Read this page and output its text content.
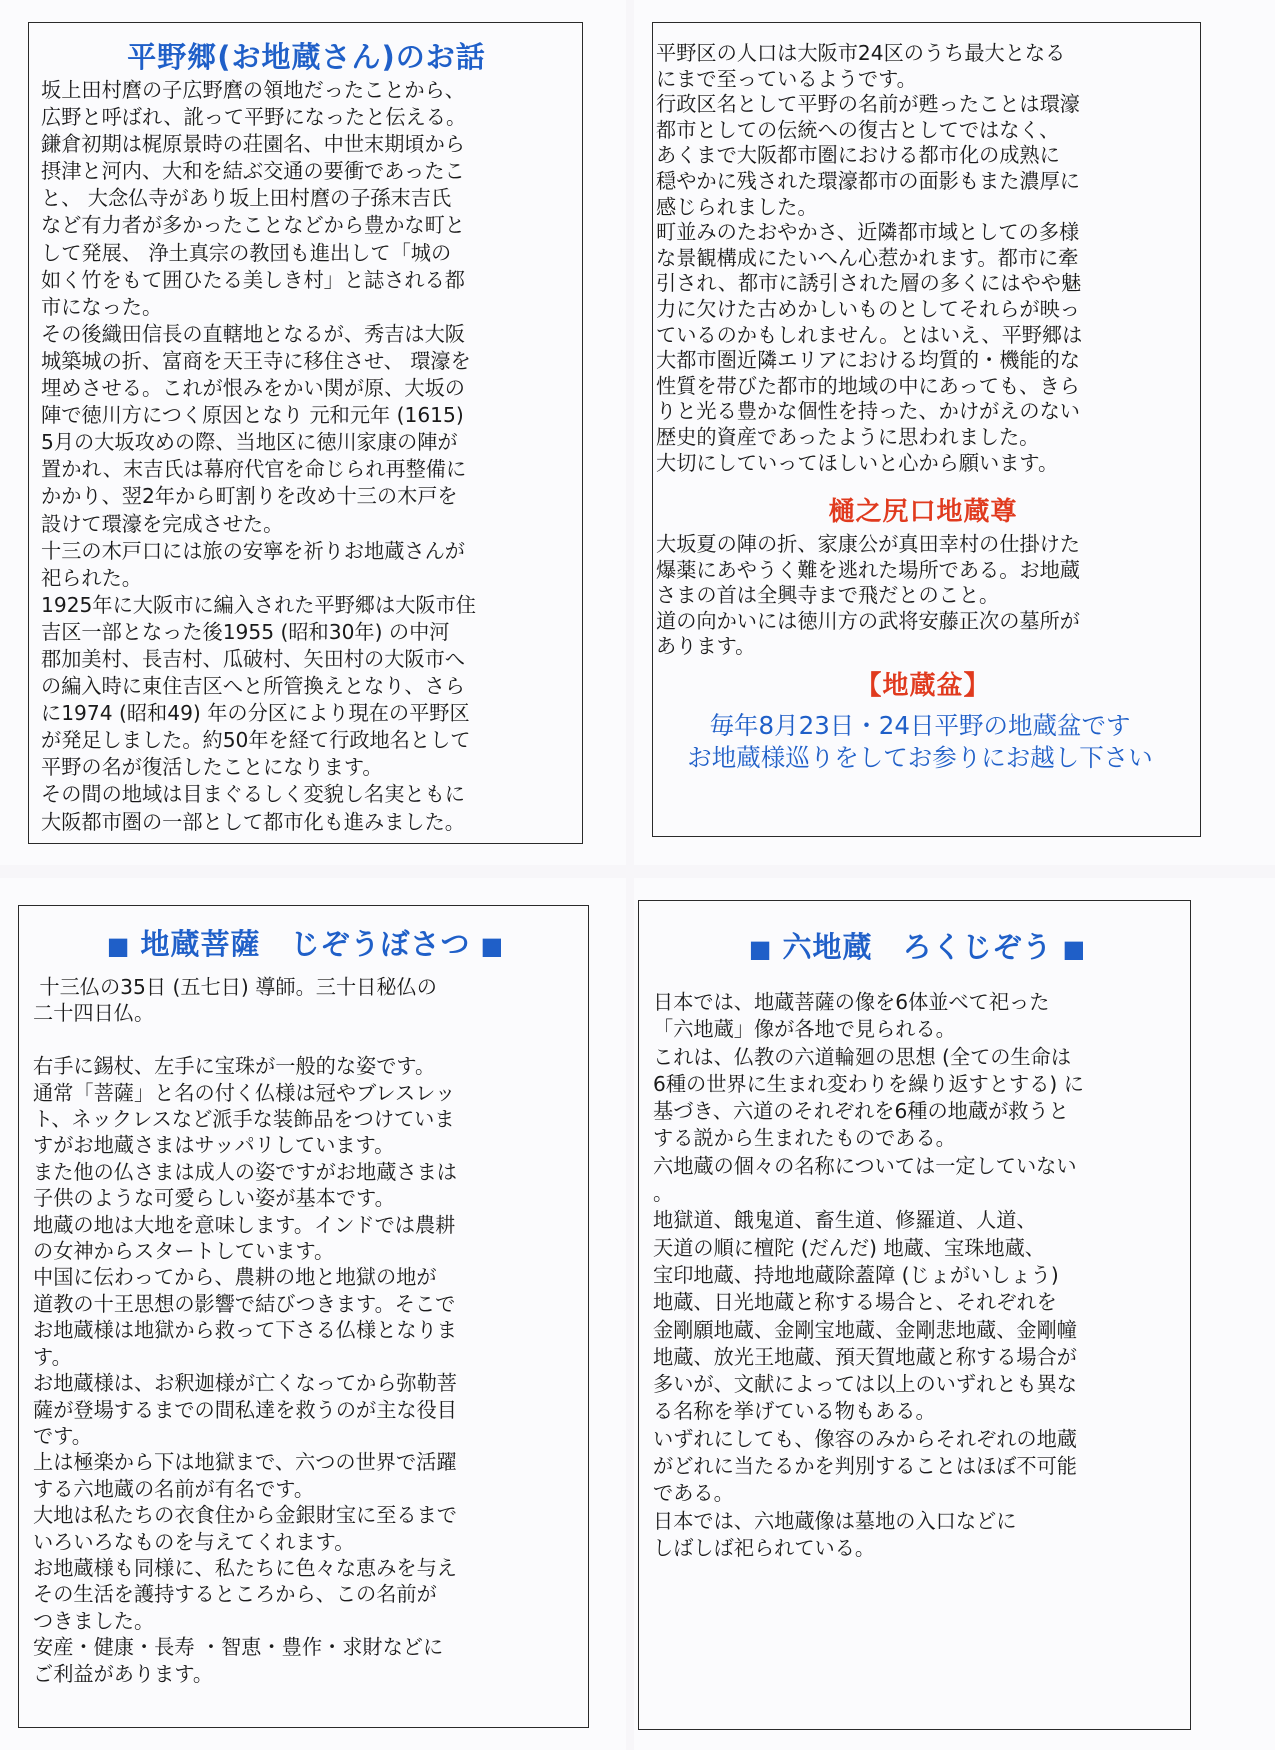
平野郷(お地蔵さん)のお話

坂上田村麿の子広野麿の領地だったことから、
広野と呼ばれ、訛って平野になったと伝える。
鎌倉初期は梶原景時の荘園名、中世末期頃から
摂津と河内、大和を結ぶ交通の要衝であったこ
と、 大念仏寺があり坂上田村麿の子孫末吉氏
など有力者が多かったことなどから豊かな町と
して発展、 浄土真宗の教団も進出して「城の
如く竹をもて囲ひたる美しき村」と誌される都
市になった。
その後織田信長の直轄地となるが、秀吉は大阪
城築城の折、富商を天王寺に移住させ、 環濠を
埋めさせる。これが恨みをかい関が原、大坂の
陣で徳川方につく原因となり 元和元年 (1615)
5月の大坂攻めの際、当地区に徳川家康の陣が
置かれ、末吉氏は幕府代官を命じられ再整備に
かかり、翌2年から町割りを改め十三の木戸を
設けて環濠を完成させた。
十三の木戸口には旅の安寧を祈りお地蔵さんが
祀られた。
1925年に大阪市に編入された平野郷は大阪市住
吉区一部となった後1955 (昭和30年) の中河
郡加美村、長吉村、瓜破村、矢田村の大阪市へ
の編入時に東住吉区へと所管換えとなり、さら
に1974 (昭和49) 年の分区により現在の平野区
が発足しました。約50年を経て行政地名として
平野の名が復活したことになります。
その間の地域は目まぐるしく変貌し名実ともに
大阪都市圏の一部として都市化も進みました。

平野区の人口は大阪市24区のうち最大となる
にまで至っているようです。
行政区名として平野の名前が甦ったことは環濠
都市としての伝統への復古としてではなく、
あくまで大阪都市圏における都市化の成熟に
穏やかに残された環濠都市の面影もまた濃厚に
感じられました。
町並みのたおやかさ、近隣都市域としての多様
な景観構成にたいへん心惹かれます。都市に牽
引され、都市に誘引された層の多くにはやや魅
力に欠けた古めかしいものとしてそれらが映っ
ているのかもしれません。とはいえ、平野郷は
大都市圏近隣エリアにおける均質的・機能的な
性質を帯びた都市的地域の中にあっても、きら
りと光る豊かな個性を持った、かけがえのない
歴史的資産であったように思われました。
大切にしていってほしいと心から願います。

樋之尻口地蔵尊

大坂夏の陣の折、家康公が真田幸村の仕掛けた
爆薬にあやうく難を逃れた場所である。お地蔵
さまの首は全興寺まで飛だとのこと。
道の向かいには徳川方の武将安藤正次の墓所が
あります。

【地蔵盆】

毎年8月23日・24日平野の地蔵盆です
お地蔵様巡りをしてお参りにお越し下さい

■ 地蔵菩薩　じぞうぼさつ ■

十三仏の35日 (五七日) 導師。三十日秘仏の
二十四日仏。

右手に錫杖、左手に宝珠が一般的な姿です。
通常「菩薩」と名の付く仏様は冠やブレスレッ
ト、ネックレスなど派手な装飾品をつけていま
すがお地蔵さまはサッパリしています。
また他の仏さまは成人の姿ですがお地蔵さまは
子供のような可愛らしい姿が基本です。
地蔵の地は大地を意味します。インドでは農耕
の女神からスタートしています。
中国に伝わってから、農耕の地と地獄の地が
道教の十王思想の影響で結びつきます。そこで
お地蔵様は地獄から救って下さる仏様となりま
す。
お地蔵様は、お釈迦様が亡くなってから弥勒菩
薩が登場するまでの間私達を救うのが主な役目
です。
上は極楽から下は地獄まで、六つの世界で活躍
する六地蔵の名前が有名です。
大地は私たちの衣食住から金銀財宝に至るまで
いろいろなものを与えてくれます。
お地蔵様も同様に、私たちに色々な恵みを与え
その生活を護持するところから、この名前が
つきました。
安産・健康・長寿 ・智恵・豊作・求財などに
ご利益があります。

■ 六地蔵　ろくじぞう ■

日本では、地蔵菩薩の像を6体並べて祀った
「六地蔵」像が各地で見られる。
これは、仏教の六道輪廻の思想 (全ての生命は
6種の世界に生まれ変わりを繰り返すとする) に
基づき、六道のそれぞれを6種の地蔵が救うと
する説から生まれたものである。
六地蔵の個々の名称については一定していない
。
地獄道、餓鬼道、畜生道、修羅道、人道、
天道の順に檀陀 (だんだ) 地蔵、宝珠地蔵、
宝印地蔵、持地地蔵除蓋障 (じょがいしょう)
地蔵、日光地蔵と称する場合と、それぞれを
金剛願地蔵、金剛宝地蔵、金剛悲地蔵、金剛幢
地蔵、放光王地蔵、預天賀地蔵と称する場合が
多いが、文献によっては以上のいずれとも異な
る名称を挙げている物もある。
いずれにしても、像容のみからそれぞれの地蔵
がどれに当たるかを判別することはほぼ不可能
である。
日本では、六地蔵像は墓地の入口などに
しばしば祀られている。
